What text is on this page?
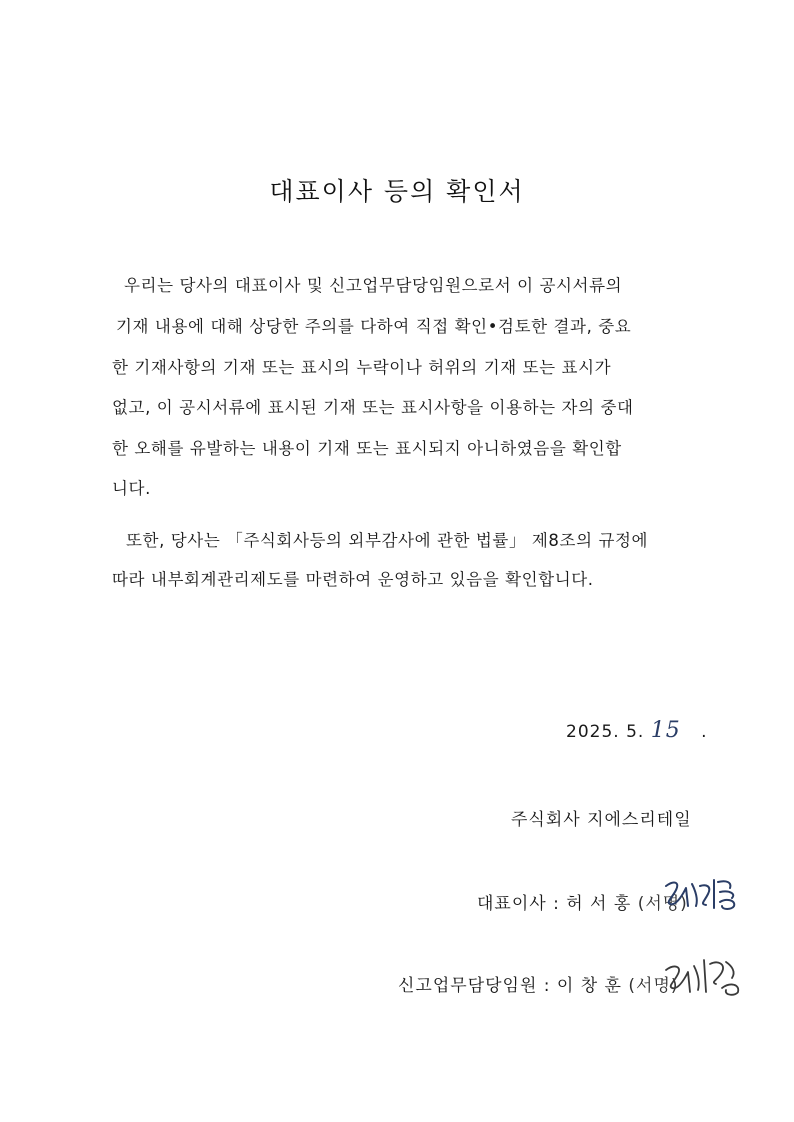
대표이사 등의 확인서
우리는 당사의 대표이사 및 신고업무담당임원으로서 이 공시서류의
기재 내용에 대해 상당한 주의를 다하여 직접 확인•검토한 결과, 중요
한 기재사항의 기재 또는 표시의 누락이나 허위의 기재 또는 표시가
없고, 이 공시서류에 표시된 기재 또는 표시사항을 이용하는 자의 중대
한 오해를 유발하는 내용이 기재 또는 표시되지 아니하였음을 확인합
니다.
또한, 당사는 「주식회사등의 외부감사에 관한 법률」 제8조의 규정에
따라 내부회계관리제도를 마련하여 운영하고 있음을 확인합니다.
2025. 5. 15 .
주식회사 지에스리테일
대표이사 : 허 서 홍 (서명)
신고업무담당임원 : 이 창 훈 (서명)
